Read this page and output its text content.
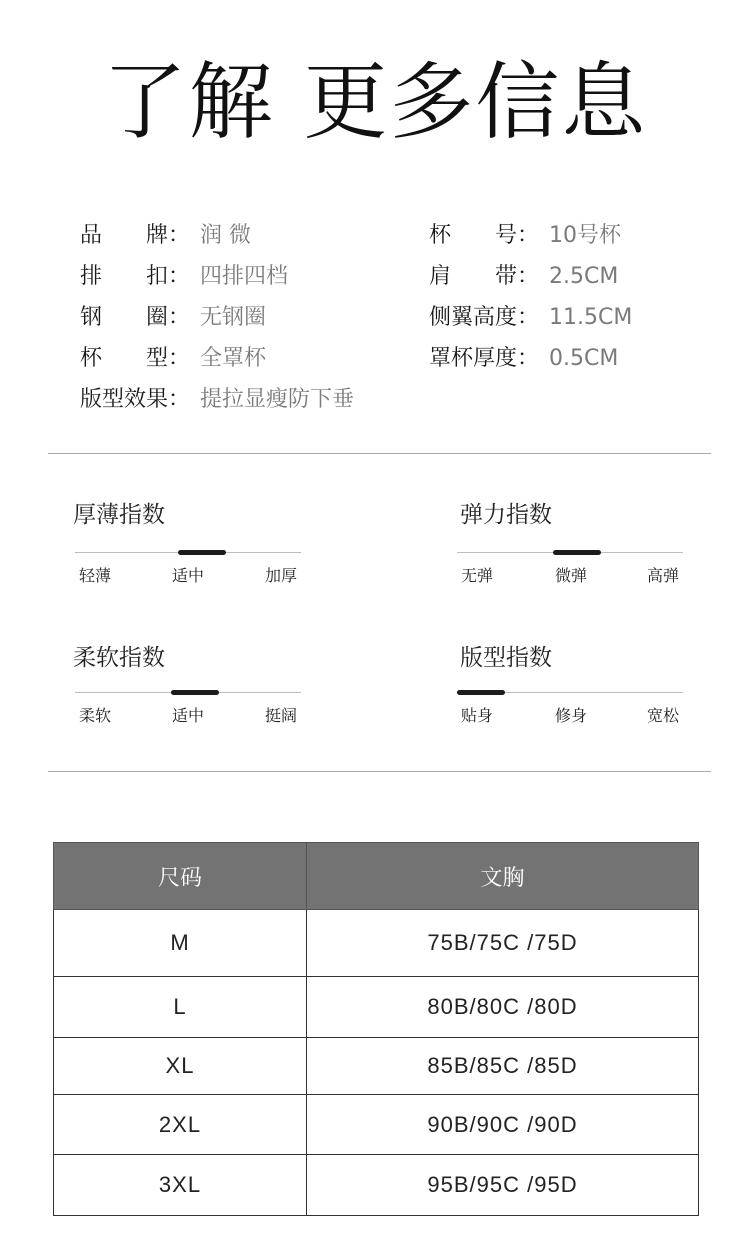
了解 更多信息
品　　牌： 润 微
排　　扣： 四排四档
钢　　圈： 无钢圈
杯　　型： 全罩杯
版型效果： 提拉显瘦防下垂
杯　　号： 10号杯
肩　　带： 2.5CM
侧翼高度： 11.5CM
罩杯厚度： 0.5CM
厚薄指数
轻薄	适中	加厚
弹力指数
无弹	微弹	高弹
柔软指数
柔软	适中	挺阔
版型指数
贴身	修身	宽松
尺码	文胸
M	75B/75C /75D
L	80B/80C /80D
XL	85B/85C /85D
2XL	90B/90C /90D
3XL	95B/95C /95D
